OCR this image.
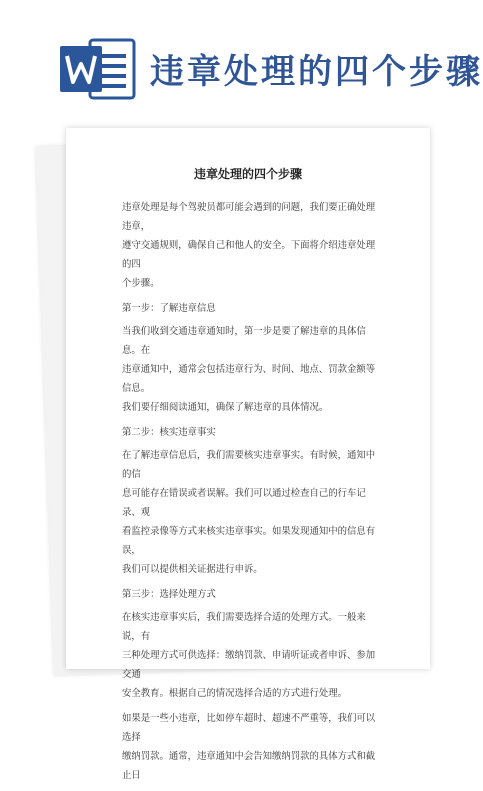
违章处理的四个步骤
违章处理的四个步骤

违章处理是每个驾驶员都可能会遇到的问题，我们要正确处理违章，
遵守交通规则，确保自己和他人的安全。下面将介绍违章处理的四
个步骤。

第一步：了解违章信息

当我们收到交通违章通知时，第一步是要了解违章的具体信息。在
违章通知中，通常会包括违章行为、时间、地点、罚款金额等信息。
我们要仔细阅读通知，确保了解违章的具体情况。

第二步：核实违章事实

在了解违章信息后，我们需要核实违章事实。有时候，通知中的信
息可能存在错误或者误解。我们可以通过检查自己的行车记录、观
看监控录像等方式来核实违章事实。如果发现通知中的信息有误，
我们可以提供相关证据进行申诉。

第三步：选择处理方式

在核实违章事实后，我们需要选择合适的处理方式。一般来说，有
三种处理方式可供选择：缴纳罚款、申请听证或者申诉、参加交通
安全教育。根据自己的情况选择合适的方式进行处理。

如果是一些小违章，比如停车超时、超速不严重等，我们可以选择
缴纳罚款。通常，违章通知中会告知缴纳罚款的具体方式和截止日
